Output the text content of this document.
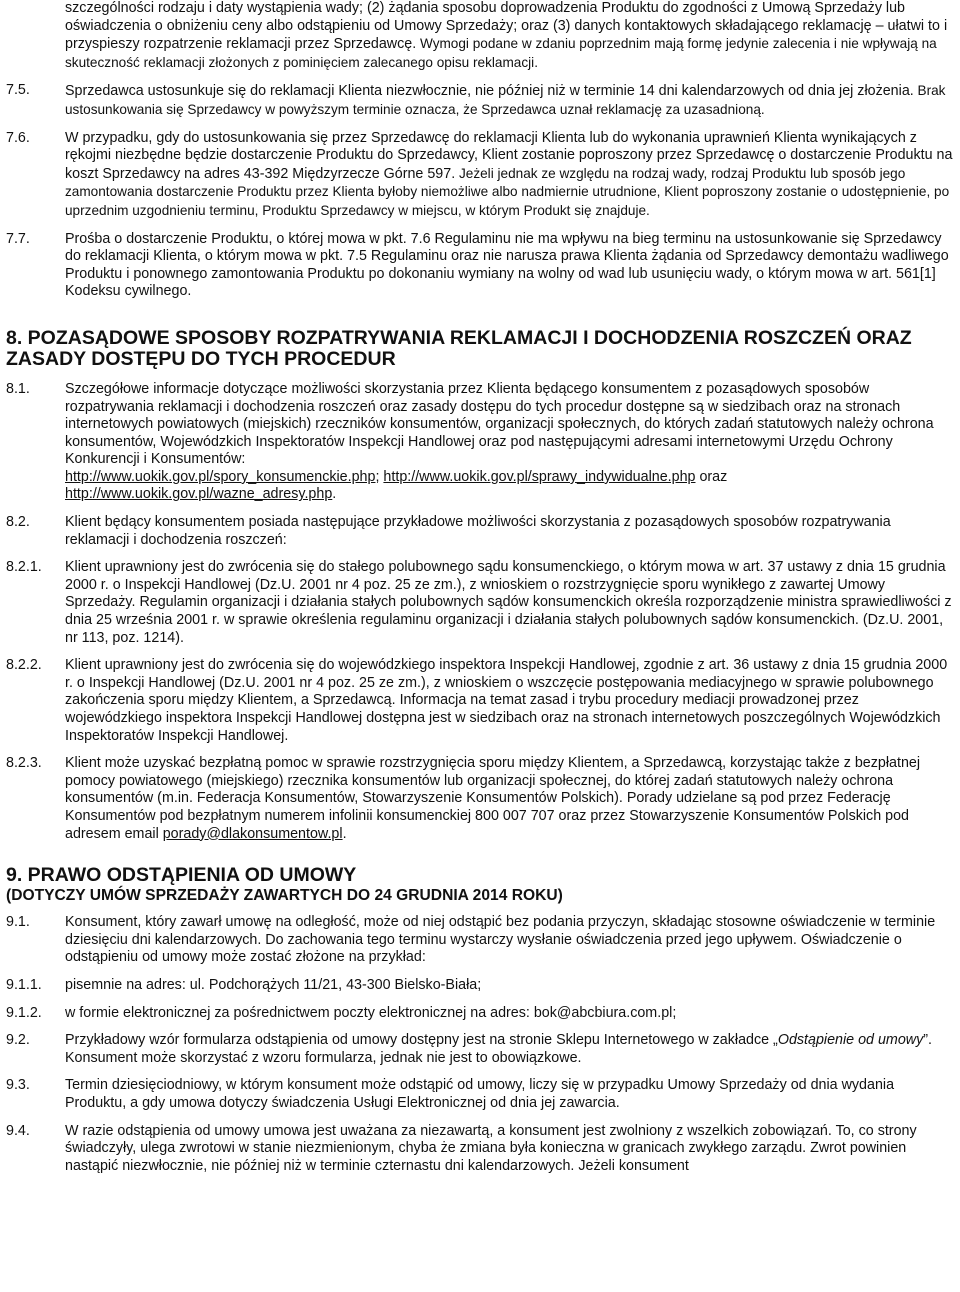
szczególności rodzaju i daty wystąpienia wady; (2) żądania sposobu doprowadzenia Produktu do zgodności z Umową Sprzedaży lub oświadczenia o obniżeniu ceny albo odstąpieniu od Umowy Sprzedaży; oraz (3) danych kontaktowych składającego reklamację – ułatwi to i przyspieszy rozpatrzenie reklamacji przez Sprzedawcę. Wymogi podane w zdaniu poprzednim mają formę jedynie zalecenia i nie wpływają na skuteczność reklamacji złożonych z pominięciem zalecanego opisu reklamacji.
7.5.	Sprzedawca ustosunkuje się do reklamacji Klienta niezwłocznie, nie później niż w terminie 14 dni kalendarzowych od dnia jej złożenia. Brak ustosunkowania się Sprzedawcy w powyższym terminie oznacza, że Sprzedawca uznał reklamację za uzasadnioną.
7.6.	W przypadku, gdy do ustosunkowania się przez Sprzedawcę do reklamacji Klienta lub do wykonania uprawnień Klienta wynikających z rękojmi niezbędne będzie dostarczenie Produktu do Sprzedawcy, Klient zostanie poproszony przez Sprzedawcę o dostarczenie Produktu na koszt Sprzedawcy na adres 43-392 Międzyrzecze Górne 597. Jeżeli jednak ze względu na rodzaj wady, rodzaj Produktu lub sposób jego zamontowania dostarczenie Produktu przez Klienta byłoby niemożliwe albo nadmiernie utrudnione, Klient poproszony zostanie o udostępnienie, po uprzednim uzgodnieniu terminu, Produktu Sprzedawcy w miejscu, w którym Produkt się znajduje.
7.7.	Prośba o dostarczenie Produktu, o której mowa w pkt. 7.6 Regulaminu nie ma wpływu na bieg terminu na ustosunkowanie się Sprzedawcy do reklamacji Klienta, o którym mowa w pkt. 7.5 Regulaminu oraz nie narusza prawa Klienta żądania od Sprzedawcy demontażu wadliwego Produktu i ponownego zamontowania Produktu po dokonaniu wymiany na wolny od wad lub usunięciu wady, o którym mowa w art. 561[1] Kodeksu cywilnego.
8. POZASĄDOWE SPOSOBY ROZPATRYWANIA REKLAMACJI I DOCHODZENIA ROSZCZEŃ ORAZ ZASADY DOSTĘPU DO TYCH PROCEDUR
8.1.	Szczegółowe informacje dotyczące możliwości skorzystania przez Klienta będącego konsumentem z pozasądowych sposobów rozpatrywania reklamacji i dochodzenia roszczeń oraz zasady dostępu do tych procedur dostępne są w siedzibach oraz na stronach internetowych powiatowych (miejskich) rzeczników konsumentów, organizacji społecznych, do których zadań statutowych należy ochrona konsumentów, Wojewódzkich Inspektoratów Inspekcji Handlowej oraz pod następującymi adresami internetowymi Urzędu Ochrony Konkurencji i Konsumentów:
http://www.uokik.gov.pl/spory_konsumenckie.php; http://www.uokik.gov.pl/sprawy_indywidualne.php oraz
http://www.uokik.gov.pl/wazne_adresy.php.
8.2.	Klient będący konsumentem posiada następujące przykładowe możliwości skorzystania z pozasądowych sposobów rozpatrywania reklamacji i dochodzenia roszczeń:
8.2.1.	Klient uprawniony jest do zwrócenia się do stałego polubownego sądu konsumenckiego, o którym mowa w art. 37 ustawy z dnia 15 grudnia 2000 r. o Inspekcji Handlowej (Dz.U. 2001 nr 4 poz. 25 ze zm.), z wnioskiem o rozstrzygnięcie sporu wynikłego z zawartej Umowy Sprzedaży. Regulamin organizacji i działania stałych polubownych sądów konsumenckich określa rozporządzenie ministra sprawiedliwości z dnia 25 września 2001 r. w sprawie określenia regulaminu organizacji i działania stałych polubownych sądów konsumenckich. (Dz.U. 2001, nr 113, poz. 1214).
8.2.2.	Klient uprawniony jest do zwrócenia się do wojewódzkiego inspektora Inspekcji Handlowej, zgodnie z art. 36 ustawy z dnia 15 grudnia 2000 r. o Inspekcji Handlowej (Dz.U. 2001 nr 4 poz. 25 ze zm.), z wnioskiem o wszczęcie postępowania mediacyjnego w sprawie polubownego zakończenia sporu między Klientem, a Sprzedawcą. Informacja na temat zasad i trybu procedury mediacji prowadzonej przez wojewódzkiego inspektora Inspekcji Handlowej dostępna jest w siedzibach oraz na stronach internetowych poszczególnych Wojewódzkich Inspektoratów Inspekcji Handlowej.
8.2.3.	Klient może uzyskać bezpłatną pomoc w sprawie rozstrzygnięcia sporu między Klientem, a Sprzedawcą, korzystając także z bezpłatnej pomocy powiatowego (miejskiego) rzecznika konsumentów lub organizacji społecznej, do której zadań statutowych należy ochrona konsumentów (m.in. Federacja Konsumentów, Stowarzyszenie Konsumentów Polskich). Porady udzielane są pod przez Federację Konsumentów pod bezpłatnym numerem infolinii konsumenckiej 800 007 707 oraz przez Stowarzyszenie Konsumentów Polskich pod adresem email porady@dlakonsumentow.pl.
9. PRAWO ODSTĄPIENIA OD UMOWY
(DOTYCZY UMÓW SPRZEDAŻY ZAWARTYCH DO 24 GRUDNIA 2014 ROKU)
9.1.	Konsument, który zawarł umowę na odległość, może od niej odstąpić bez podania przyczyn, składając stosowne oświadczenie w terminie dziesięciu dni kalendarzowych. Do zachowania tego terminu wystarczy wysłanie oświadczenia przed jego upływem. Oświadczenie o odstąpieniu od umowy może zostać złożone na przykład:
9.1.1.	pisemnie na adres: ul. Podchorążych 11/21, 43-300 Bielsko-Biała;
9.1.2.	w formie elektronicznej za pośrednictwem poczty elektronicznej na adres: bok@abcbiura.com.pl;
9.2.	Przykładowy wzór formularza odstąpienia od umowy dostępny jest na stronie Sklepu Internetowego w zakładce „Odstąpienie od umowy”. Konsument może skorzystać z wzoru formularza, jednak nie jest to obowiązkowe.
9.3.	Termin dziesięciodniowy, w którym konsument może odstąpić od umowy, liczy się w przypadku Umowy Sprzedaży od dnia wydania Produktu, a gdy umowa dotyczy świadczenia Usługi Elektronicznej od dnia jej zawarcia.
9.4.	W razie odstąpienia od umowy umowa jest uważana za niezawartą, a konsument jest zwolniony z wszelkich zobowiązań. To, co strony świadczyły, ulega zwrotowi w stanie niezmienionym, chyba że zmiana była konieczna w granicach zwykłego zarządu. Zwrot powinien nastąpić niezwłocznie, nie później niż w terminie czternastu dni kalendarzowych. Jeżeli konsument
